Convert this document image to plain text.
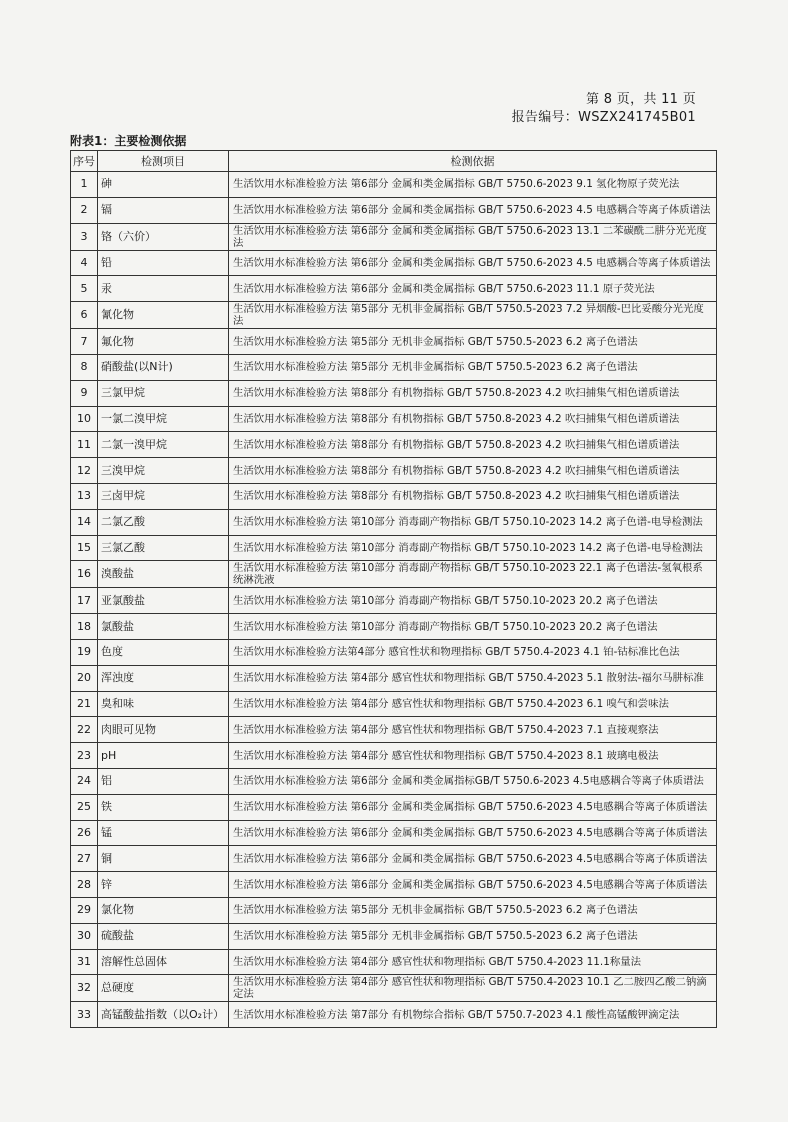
第 8 页，共 11 页
报告编号：WSZX241745B01
附表1：主要检测依据
序号	检测项目	检测依据
1	砷	生活饮用水标准检验方法 第6部分 金属和类金属指标 GB/T 5750.6-2023 9.1 氢化物原子荧光法
2	镉	生活饮用水标准检验方法 第6部分 金属和类金属指标 GB/T 5750.6-2023 4.5 电感耦合等离子体质谱法
3	铬（六价）	生活饮用水标准检验方法 第6部分 金属和类金属指标 GB/T 5750.6-2023 13.1 二苯碳酰二肼分光光度法
4	铅	生活饮用水标准检验方法 第6部分 金属和类金属指标 GB/T 5750.6-2023 4.5 电感耦合等离子体质谱法
5	汞	生活饮用水标准检验方法 第6部分 金属和类金属指标 GB/T 5750.6-2023 11.1 原子荧光法
6	氰化物	生活饮用水标准检验方法 第5部分 无机非金属指标 GB/T 5750.5-2023 7.2 异烟酸-巴比妥酸分光光度法
7	氟化物	生活饮用水标准检验方法 第5部分 无机非金属指标 GB/T 5750.5-2023 6.2 离子色谱法
8	硝酸盐(以N计)	生活饮用水标准检验方法 第5部分 无机非金属指标 GB/T 5750.5-2023 6.2 离子色谱法
9	三氯甲烷	生活饮用水标准检验方法 第8部分 有机物指标 GB/T 5750.8-2023 4.2 吹扫捕集气相色谱质谱法
10	一氯二溴甲烷	生活饮用水标准检验方法 第8部分 有机物指标 GB/T 5750.8-2023 4.2 吹扫捕集气相色谱质谱法
11	二氯一溴甲烷	生活饮用水标准检验方法 第8部分 有机物指标 GB/T 5750.8-2023 4.2 吹扫捕集气相色谱质谱法
12	三溴甲烷	生活饮用水标准检验方法 第8部分 有机物指标 GB/T 5750.8-2023 4.2 吹扫捕集气相色谱质谱法
13	三卤甲烷	生活饮用水标准检验方法 第8部分 有机物指标 GB/T 5750.8-2023 4.2 吹扫捕集气相色谱质谱法
14	二氯乙酸	生活饮用水标准检验方法 第10部分 消毒副产物指标 GB/T 5750.10-2023 14.2 离子色谱-电导检测法
15	三氯乙酸	生活饮用水标准检验方法 第10部分 消毒副产物指标 GB/T 5750.10-2023 14.2 离子色谱-电导检测法
16	溴酸盐	生活饮用水标准检验方法 第10部分 消毒副产物指标 GB/T 5750.10-2023 22.1 离子色谱法-氢氧根系统淋洗液
17	亚氯酸盐	生活饮用水标准检验方法 第10部分 消毒副产物指标 GB/T 5750.10-2023 20.2 离子色谱法
18	氯酸盐	生活饮用水标准检验方法 第10部分 消毒副产物指标 GB/T 5750.10-2023 20.2 离子色谱法
19	色度	生活饮用水标准检验方法第4部分 感官性状和物理指标 GB/T 5750.4-2023 4.1 铂-钴标准比色法
20	浑浊度	生活饮用水标准检验方法 第4部分 感官性状和物理指标 GB/T 5750.4-2023 5.1 散射法-福尔马肼标准
21	臭和味	生活饮用水标准检验方法 第4部分 感官性状和物理指标 GB/T 5750.4-2023 6.1 嗅气和尝味法
22	肉眼可见物	生活饮用水标准检验方法 第4部分 感官性状和物理指标 GB/T 5750.4-2023 7.1 直接观察法
23	pH	生活饮用水标准检验方法 第4部分 感官性状和物理指标 GB/T 5750.4-2023 8.1 玻璃电极法
24	铝	生活饮用水标准检验方法 第6部分 金属和类金属指标GB/T 5750.6-2023 4.5电感耦合等离子体质谱法
25	铁	生活饮用水标准检验方法 第6部分 金属和类金属指标 GB/T 5750.6-2023 4.5电感耦合等离子体质谱法
26	锰	生活饮用水标准检验方法 第6部分 金属和类金属指标 GB/T 5750.6-2023 4.5电感耦合等离子体质谱法
27	铜	生活饮用水标准检验方法 第6部分 金属和类金属指标 GB/T 5750.6-2023 4.5电感耦合等离子体质谱法
28	锌	生活饮用水标准检验方法 第6部分 金属和类金属指标 GB/T 5750.6-2023 4.5电感耦合等离子体质谱法
29	氯化物	生活饮用水标准检验方法 第5部分 无机非金属指标 GB/T 5750.5-2023 6.2 离子色谱法
30	硫酸盐	生活饮用水标准检验方法 第5部分 无机非金属指标 GB/T 5750.5-2023 6.2 离子色谱法
31	溶解性总固体	生活饮用水标准检验方法 第4部分 感官性状和物理指标 GB/T 5750.4-2023 11.1称量法
32	总硬度	生活饮用水标准检验方法 第4部分 感官性状和物理指标 GB/T 5750.4-2023 10.1 乙二胺四乙酸二钠滴定法
33	高锰酸盐指数（以O₂计）	生活饮用水标准检验方法 第7部分 有机物综合指标 GB/T 5750.7-2023 4.1 酸性高锰酸钾滴定法
